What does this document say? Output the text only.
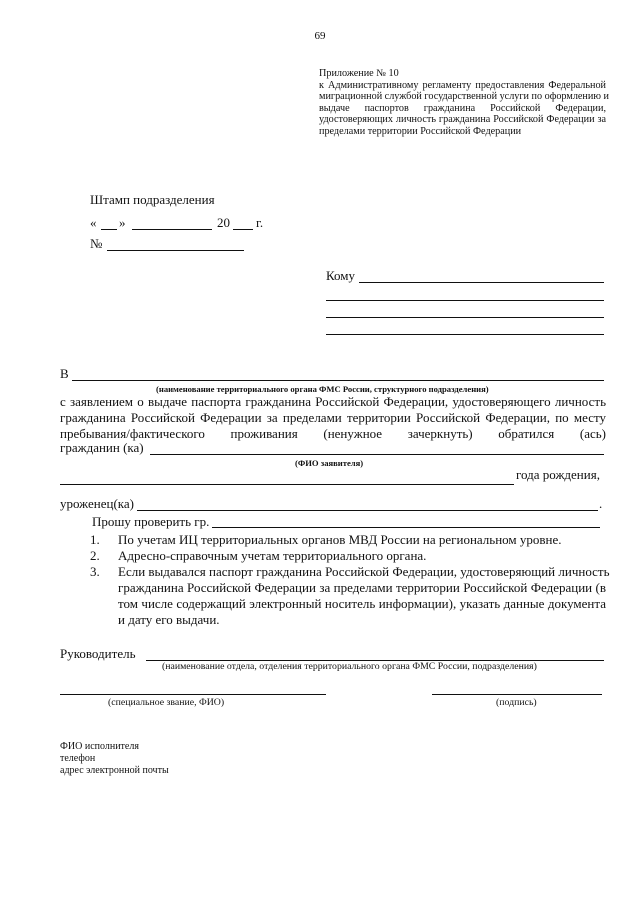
69
Приложение № 10
к Административному регламенту предоставления Федеральной
миграционной службой государственной услуги по оформлению и
выдаче паспортов гражданина Российской Федерации,
удостоверяющих личность гражданина Российской Федерации за
пределами территории Российской Федерации
Штамп подразделения
« »	20 г.
№
Кому
В
(наименование территориального органа ФМС России, структурного подразделения)
с заявлением о выдаче паспорта гражданина Российской Федерации, удостоверяющего личность
гражданина Российской Федерации за пределами территории Российской Федерации, по месту
пребывания/фактического проживания (ненужное зачеркнуть) обратился (ась)
гражданин (ка)
(ФИО заявителя)
года рождения,
уроженец(ка)	.
Прошу проверить гр.
1. По учетам ИЦ территориальных органов МВД России на региональном уровне.
2. Адресно-справочным учетам территориального органа.
3. Если выдавался паспорт гражданина Российской Федерации, удостоверяющий личность
гражданина Российской Федерации за пределами территории Российской Федерации (в
том числе содержащий электронный носитель информации), указать данные документа
и дату его выдачи.
Руководитель
(наименование отдела, отделения территориального органа ФМС России, подразделения)
(специальное звание, ФИО)	(подпись)
ФИО исполнителя
телефон
адрес электронной почты
